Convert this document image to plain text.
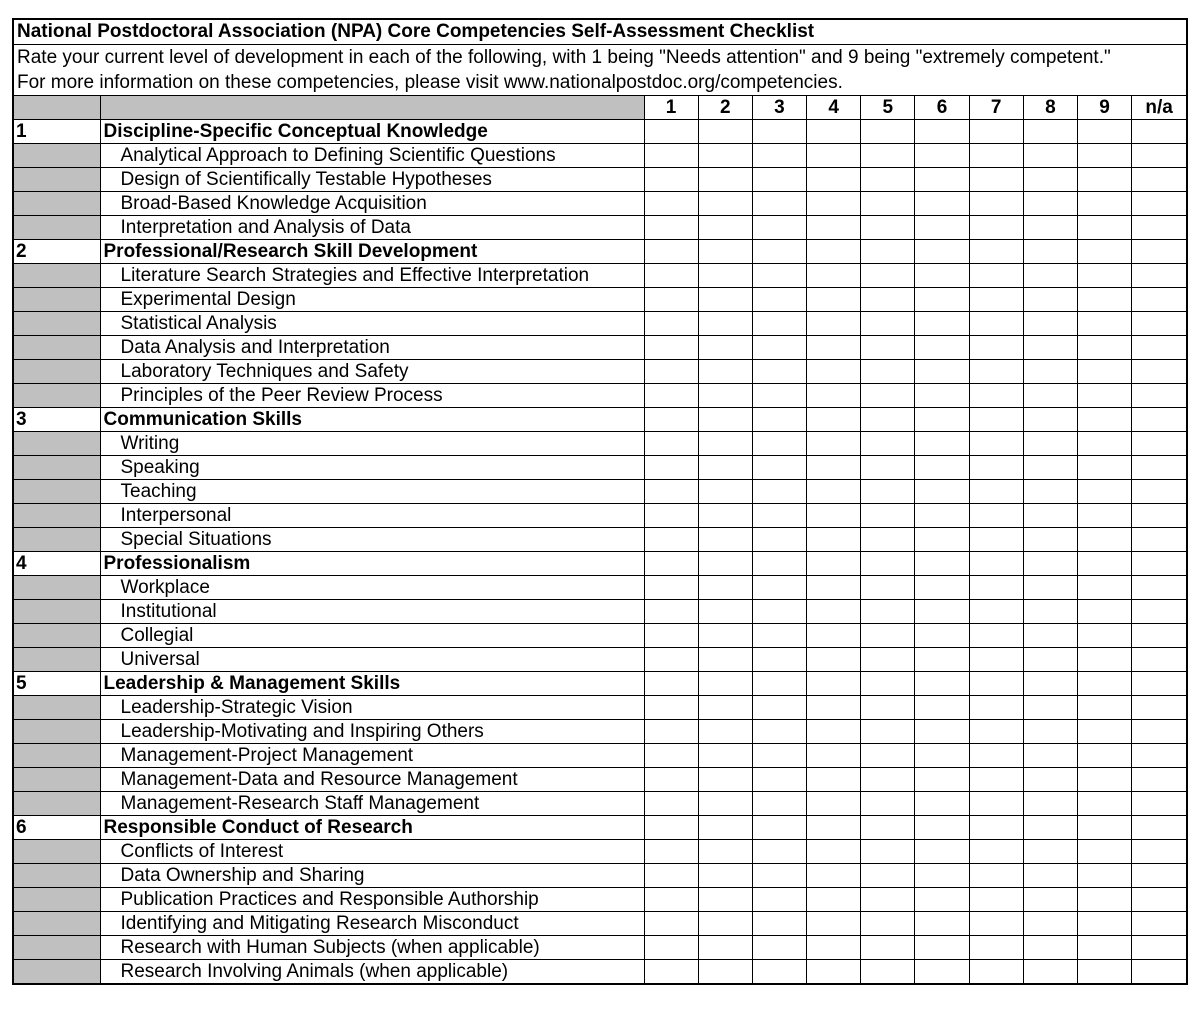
National Postdoctoral Association (NPA) Core Competencies Self-Assessment Checklist
Rate your current level of development in each of the following, with 1 being "Needs attention" and 9 being "extremely competent."
For more information on these competencies, please visit www.nationalpostdoc.org/competencies.
		1	2	3	4	5	6	7	8	9	n/a
1	Discipline-Specific Conceptual Knowledge										
	Analytical Approach to Defining Scientific Questions										
	Design of Scientifically Testable Hypotheses										
	Broad-Based Knowledge Acquisition										
	Interpretation and Analysis of Data										
2	Professional/Research Skill Development										
	Literature Search Strategies and Effective Interpretation										
	Experimental Design										
	Statistical Analysis										
	Data Analysis and Interpretation										
	Laboratory Techniques and Safety										
	Principles of the Peer Review Process										
3	Communication Skills										
	Writing										
	Speaking										
	Teaching										
	Interpersonal										
	Special Situations										
4	Professionalism										
	Workplace										
	Institutional										
	Collegial										
	Universal										
5	Leadership & Management Skills										
	Leadership-Strategic Vision										
	Leadership-Motivating and Inspiring Others										
	Management-Project Management										
	Management-Data and Resource Management										
	Management-Research Staff Management										
6	Responsible Conduct of Research										
	Conflicts of Interest										
	Data Ownership and Sharing										
	Publication Practices and Responsible Authorship										
	Identifying and Mitigating Research Misconduct										
	Research with Human Subjects (when applicable)										
	Research Involving Animals (when applicable)										
